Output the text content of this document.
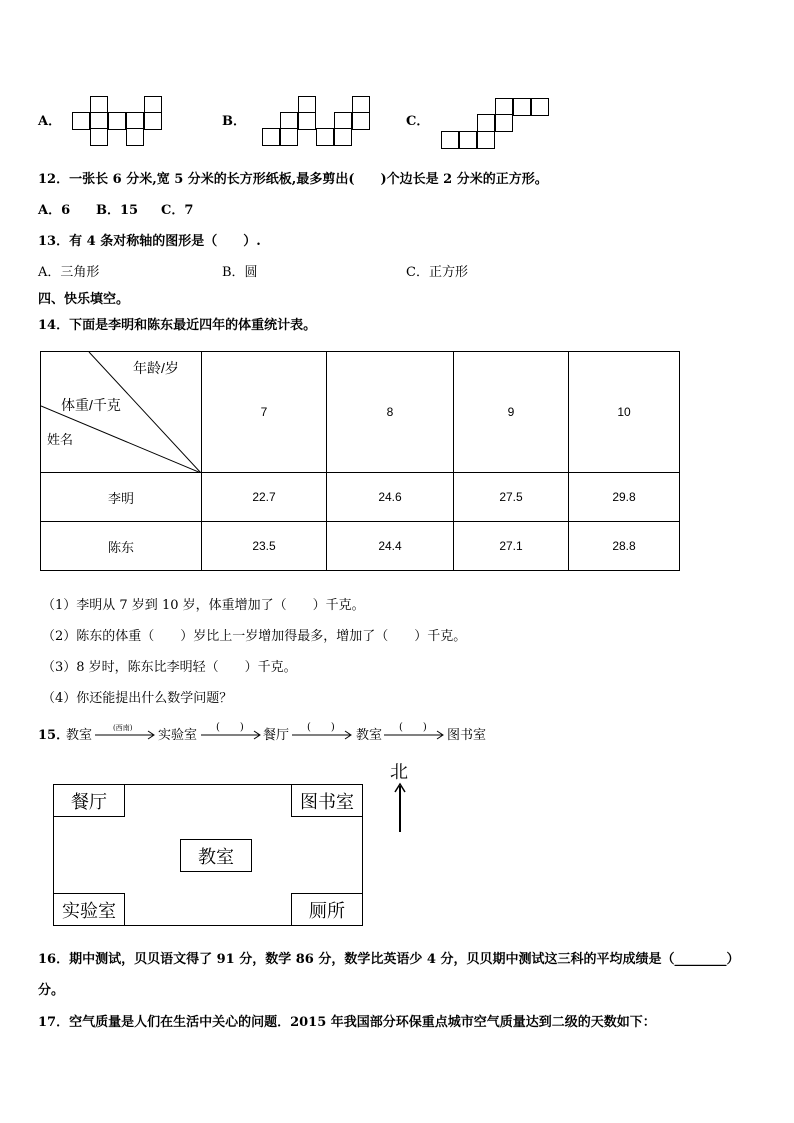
A．	B．	C．
12．一张长 6 分米,宽 5 分米的长方形纸板,最多剪出(　　)个边长是 2 分米的正方形。
A．6 B．15 C．7
13．有 4 条对称轴的图形是（　　）.
A．三角形	B．圆	C．正方形
四、快乐填空。
14．下面是李明和陈东最近四年的体重统计表。
年龄/岁
体重/千克
姓名	7	8	9	10
李明	22.7	24.6	27.5	29.8
陈东	23.5	24.4	27.1	28.8
（1）李明从 7 岁到 10 岁，体重增加了（　　）千克。
（2）陈东的体重（　　）岁比上一岁增加得最多，增加了（　　）千克。
（3）8 岁时，陈东比李明轻（　　）千克。
（4）你还能提出什么数学问题？
15．
教室	(西南) 实验室
(　　)
餐厅
(　　)
教室
(　　)
图书室
餐厅	图书室
教室
实验室	厕所
北
16．期中测试，贝贝语文得了 91 分，数学 86 分，数学比英语少 4 分，贝贝期中测试这三科的平均成绩是（________）
分。
17．空气质量是人们在生活中关心的问题．2015 年我国部分环保重点城市空气质量达到二级的天数如下：
